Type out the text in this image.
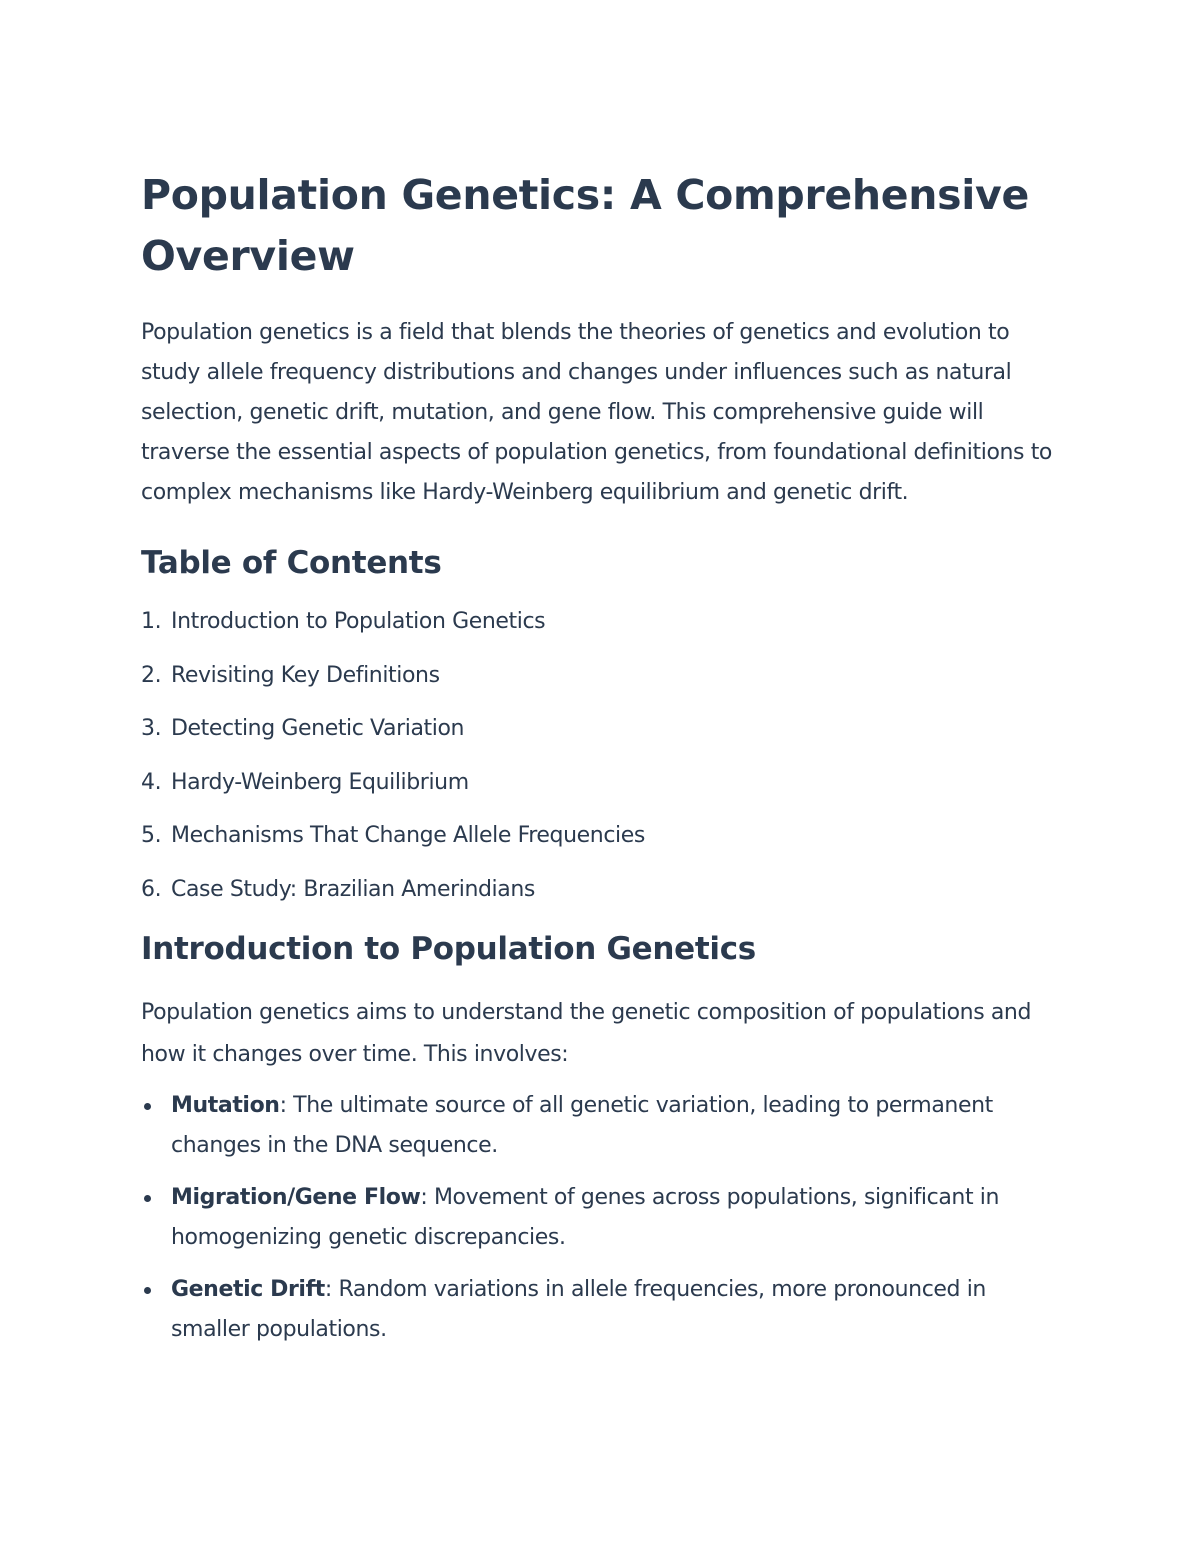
Population Genetics: A Comprehensive Overview

Population genetics is a field that blends the theories of genetics and evolution to study allele frequency distributions and changes under influences such as natural selection, genetic drift, mutation, and gene flow. This comprehensive guide will traverse the essential aspects of population genetics, from foundational definitions to complex mechanisms like Hardy-Weinberg equilibrium and genetic drift.

Table of Contents
1. Introduction to Population Genetics
2. Revisiting Key Definitions
3. Detecting Genetic Variation
4. Hardy-Weinberg Equilibrium
5. Mechanisms That Change Allele Frequencies
6. Case Study: Brazilian Amerindians
Introduction to Population Genetics

Population genetics aims to understand the genetic composition of populations and how it changes over time. This involves:

Mutation: The ultimate source of all genetic variation, leading to permanent changes in the DNA sequence.
Migration/Gene Flow: Movement of genes across populations, significant in homogenizing genetic discrepancies.
Genetic Drift: Random variations in allele frequencies, more pronounced in smaller populations.
